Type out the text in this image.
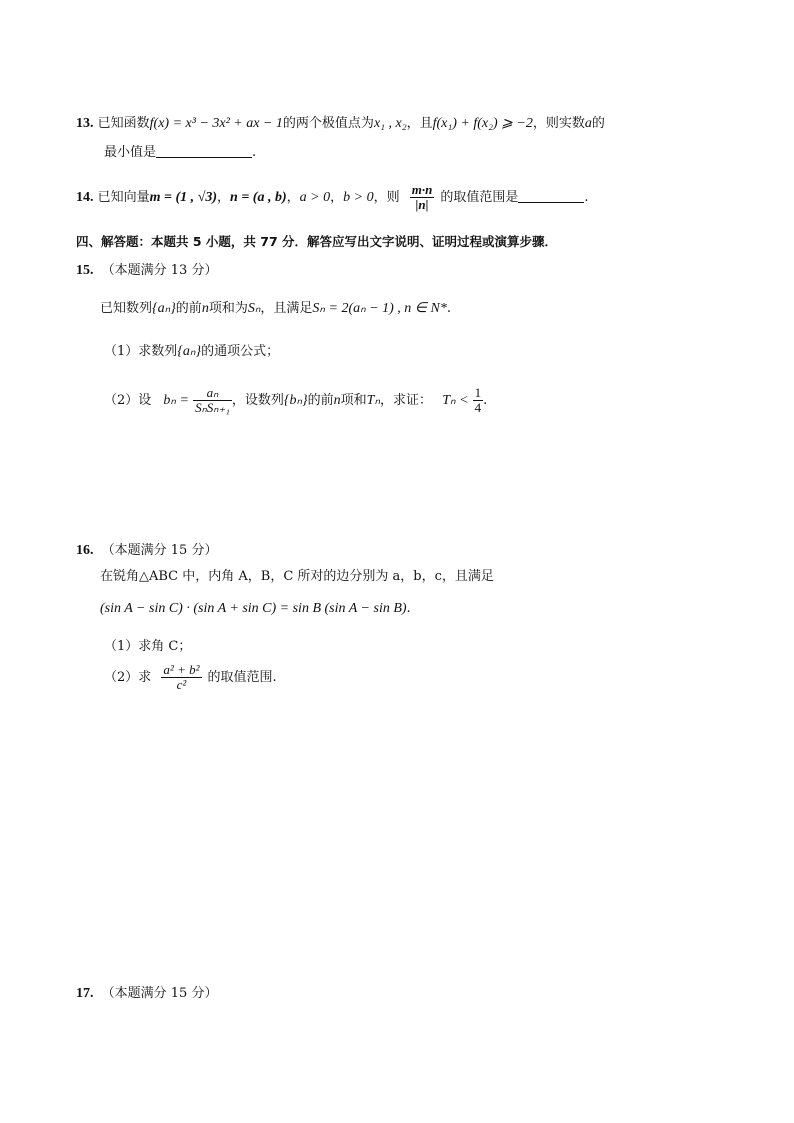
13. 已知函数f(x) = x³ − 3x² + ax − 1的两个极值点为x₁ , x₂，且f(x₁) + f(x₂) ⩾ −2，则实数a的
最小值是	.
14. 已知向量m = (1 , √3)，n = (a , b)，a > 0，b > 0，则 $\frac{m\cdot n}{|n|}$ 的取值范围是	.
四、解答题：本题共 5 小题，共 77 分．解答应写出文字说明、证明过程或演算步骤．
15. （本题满分 13 分）
已知数列{aₙ}的前n项和为Sₙ，且满足Sₙ = 2(aₙ − 1) , n ∈ N*.
（1）求数列{aₙ}的通项公式；
（2）设 $b_n = \frac{\text{aₙ}}{\text{SₙSₙ₊₁}}$ ，设数列{bₙ}的前n项和Tₙ，求证： $T_n < \frac{1}{4}$ .
16. （本题满分 15 分）
在锐角△ABC 中，内角 A，B，C 所对的边分别为 a，b，c，且满足
(sin A − sin C) · (sin A + sin C) = sin B (sin A − sin B).
（1）求角 C；
（2）求 $\frac{\text{a² + b²}}{\text{c²}}$ 的取值范围.
17. （本题满分 15 分）
